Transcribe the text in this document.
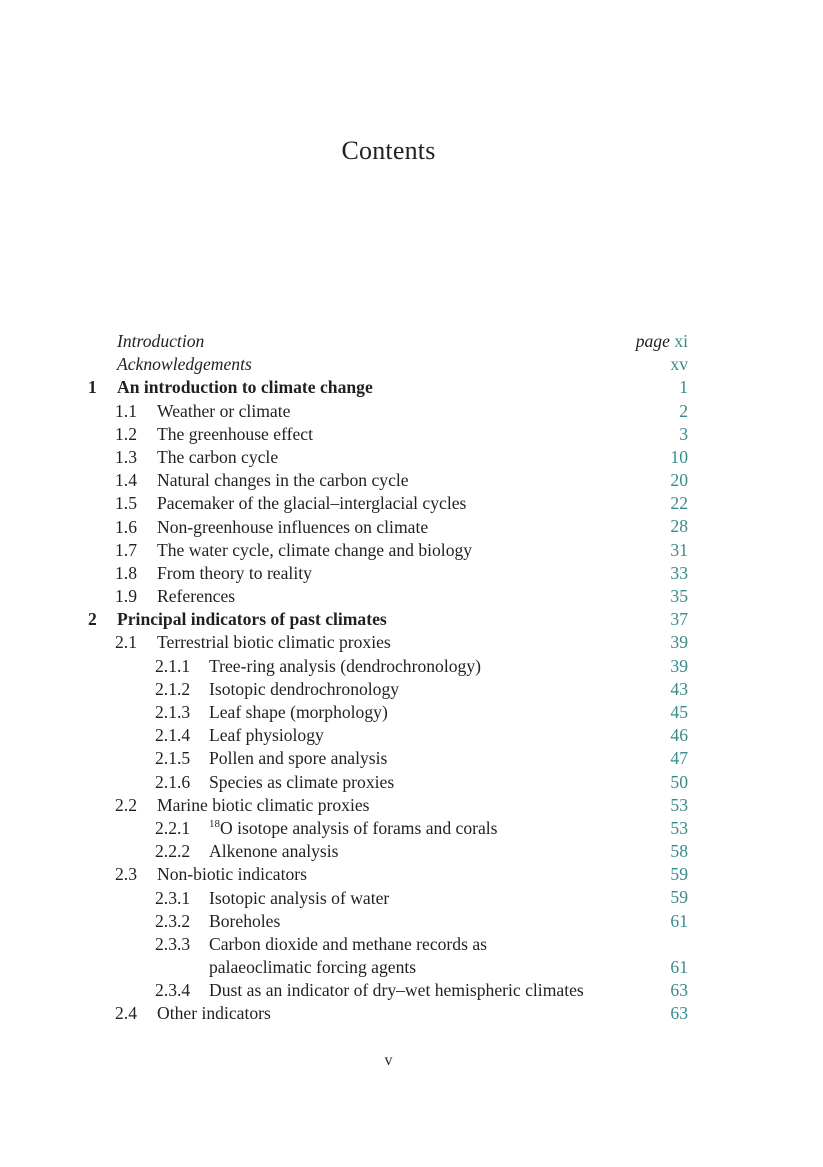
Contents
Introduction	page xi
Acknowledgements	xv
1 An introduction to climate change	1
1.1 Weather or climate	2
1.2 The greenhouse effect	3
1.3 The carbon cycle	10
1.4 Natural changes in the carbon cycle	20
1.5 Pacemaker of the glacial–interglacial cycles	22
1.6 Non-greenhouse influences on climate	28
1.7 The water cycle, climate change and biology	31
1.8 From theory to reality	33
1.9 References	35
2 Principal indicators of past climates	37
2.1 Terrestrial biotic climatic proxies	39
2.1.1 Tree-ring analysis (dendrochronology)	39
2.1.2 Isotopic dendrochronology	43
2.1.3 Leaf shape (morphology)	45
2.1.4 Leaf physiology	46
2.1.5 Pollen and spore analysis	47
2.1.6 Species as climate proxies	50
2.2 Marine biotic climatic proxies	53
2.2.1 $^{18}$O isotope analysis of forams and corals	53
2.2.2 Alkenone analysis	58
2.3 Non-biotic indicators	59
2.3.1 Isotopic analysis of water	59
2.3.2 Boreholes	61
2.3.3 Carbon dioxide and methane records as
palaeoclimatic forcing agents	61
2.3.4 Dust as an indicator of dry–wet hemispheric climates	63
2.4 Other indicators	63
v
